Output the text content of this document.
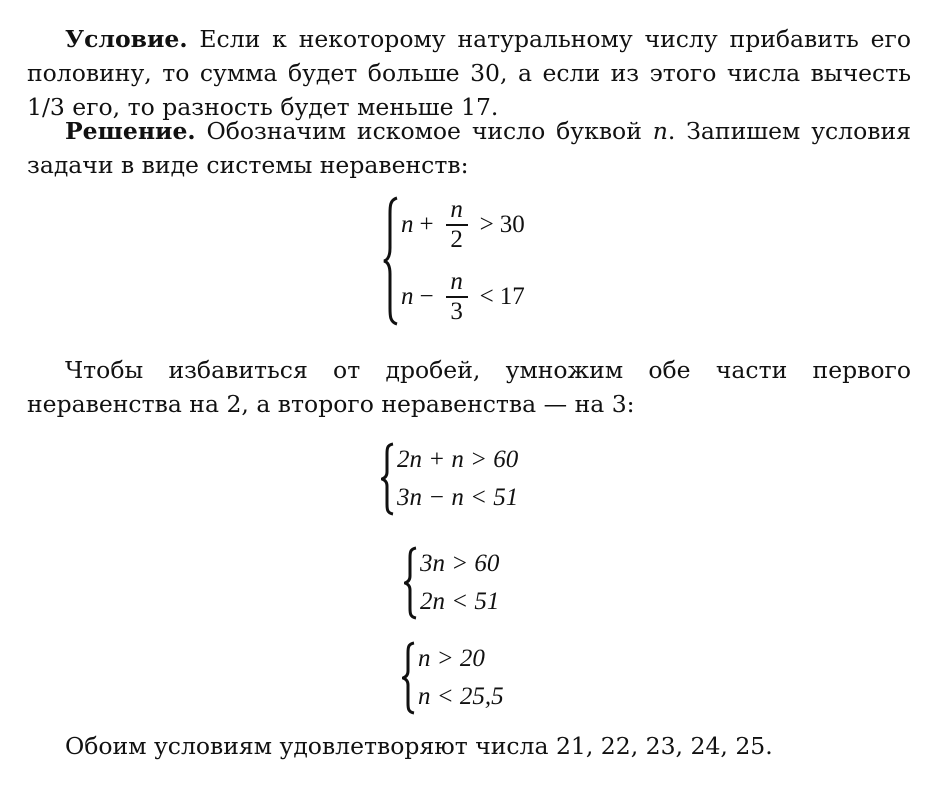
Условие. Если к некоторому натуральному числу прибавить его половину, то сумма будет больше 30, а если из этого числа вычесть 1/3 его, то разность будет меньше 17.

Решение. Обозначим искомое число буквой n. Запишем условия задачи в виде системы неравенств:

$n + \frac{n}{2} > 30$
$n - \frac{n}{3} < 17$

Чтобы избавиться от дробей, умножим обе части первого неравенства на 2, а второго неравенства — на 3:

2n + n > 60
3n − n < 51
3n > 60
2n < 51
n > 20
n < 25,5

Обоим условиям удовлетворяют числа 21, 22, 23, 24, 25.
